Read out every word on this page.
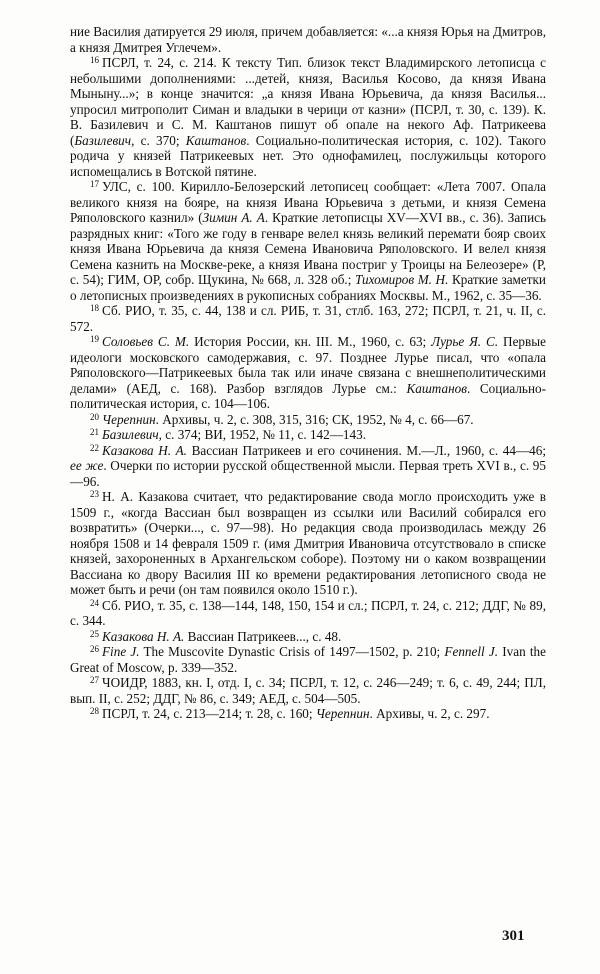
ние Василия датируется 29 июля, причем добавляется: «...а князя Юрья на Дмитров, а князя Дмитрея Углечем».

$^{16}$ ПСРЛ, т. 24, с. 214. К тексту Тип. близок текст Владимирского летописца с небольшими дополнениями: ...детей, князя, Василья Косово, да князя Ивана Мыныну...»; в конце значится: „а князя Ивана Юрьевича, да князя Василья... упросил митрополит Симан и владыки в черици от казни» (ПСРЛ, т. 30, с. 139). К. В. Базилевич и С. М. Каштанов пишут об опале на некого Аф. Патрикеева (Базилевич, с. 370; Каштанов. Социально-политическая история, с. 102). Такого родича у князей Патрикеевых нет. Это однофамилец, послужильцы которого испомещались в Вотской пятине.

$^{17}$ УЛС, с. 100. Кирилло-Белозерский летописец сообщает: «Лета 7007. Опала великого князя на бояре, на князя Ивана Юрьевича з детьми, и князя Семена Ряполовского казнил» (Зимин А. А. Краткие летописцы XV—XVI вв., с. 36). Запись разрядных книг: «Того же году в генваре велел князь великий перемати бояр своих князя Ивана Юрьевича да князя Семена Ивановича Ряполовского. И велел князя Семена казнить на Москве-реке, а князя Ивана постриг у Троицы на Белеозере» (Р, с. 54); ГИМ, ОР, собр. Щукина, № 668, л. 328 об.; Тихомиров М. Н. Краткие заметки о летописных произведениях в рукописных собраниях Москвы. М., 1962, с. 35—36.

$^{18}$ Сб. РИО, т. 35, с. 44, 138 и сл. РИБ, т. 31, стлб. 163, 272; ПСРЛ, т. 21, ч. II, с. 572.

$^{19}$ Соловьев С. М. История России, кн. III. М., 1960, с. 63; Лурье Я. С. Первые идеологи московского самодержавия, с. 97. Позднее Лурье писал, что «опала Ряполовского—Патрикеевых была так или иначе связана с внешнеполитическими делами» (АЕД, с. 168). Разбор взглядов Лурье см.: Каштанов. Социально-политическая история, с. 104—106.

$^{20}$ Черепнин. Архивы, ч. 2, с. 308, 315, 316; СК, 1952, № 4, с. 66—67.

$^{21}$ Базилевич, с. 374; ВИ, 1952, № 11, с. 142—143.

$^{22}$ Казакова Н. А. Вассиан Патрикеев и его сочинения. М.—Л., 1960, с. 44—46; ее же. Очерки по истории русской общественной мысли. Первая треть XVI в., с. 95—96.

$^{23}$ Н. А. Казакова считает, что редактирование свода могло происходить уже в 1509 г., «когда Вассиан был возвращен из ссылки или Василий собирался его возвратить» (Очерки..., с. 97—98). Но редакция свода производилась между 26 ноября 1508 и 14 февраля 1509 г. (имя Дмитрия Ивановича отсутствовало в списке князей, захороненных в Архангельском соборе). Поэтому ни о каком возвращении Вассиана ко двору Василия III ко времени редактирования летописного свода не может быть и речи (он там появился около 1510 г.).

$^{24}$ Сб. РИО, т. 35, с. 138—144, 148, 150, 154 и сл.; ПСРЛ, т. 24, с. 212; ДДГ, № 89, с. 344.

$^{25}$ Казакова Н. А. Вассиан Патрикеев..., с. 48.

$^{26}$ Fine J. The Muscovite Dynastic Crisis of 1497—1502, p. 210; Fennell J. Ivan the Great of Moscow, p. 339—352.

$^{27}$ ЧОИДР, 1883, кн. I, отд. I, с. 34; ПСРЛ, т. 12, с. 246—249; т. 6, с. 49, 244; ПЛ, вып. II, с. 252; ДДГ, № 86, с. 349; АЕД, с. 504—505.

$^{28}$ ПСРЛ, т. 24, с. 213—214; т. 28, с. 160; Черепнин. Архивы, ч. 2, с. 297.

301
